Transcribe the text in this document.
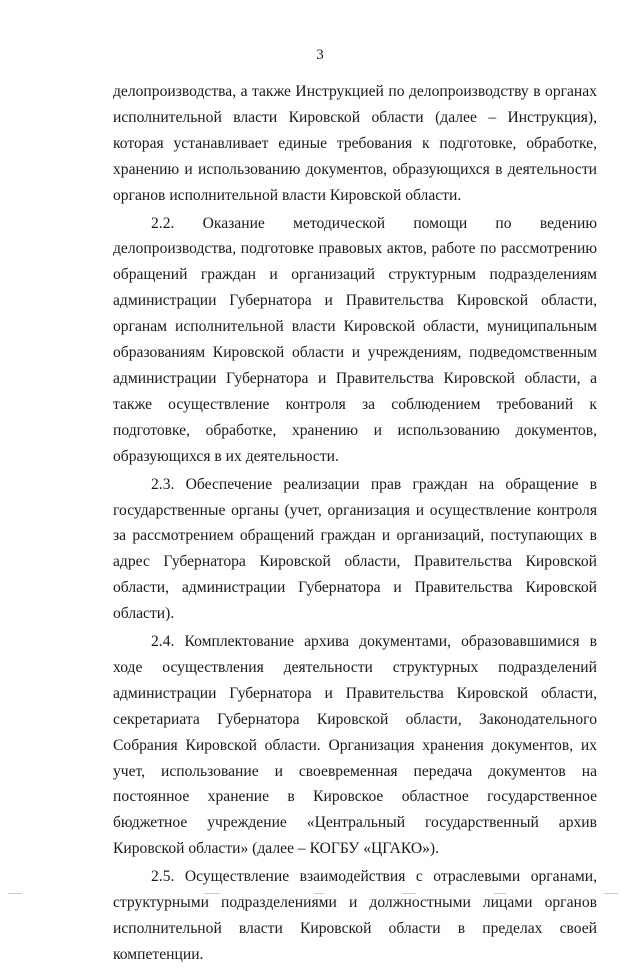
3

делопроизводства, а также Инструкцией по делопроизводству в органах исполнительной власти Кировской области (далее – Инструкция), которая устанавливает единые требования к подготовке, обработке, хранению и использованию документов, образующихся в деятельности органов исполнительной власти Кировской области.

2.2. Оказание методической помощи по ведению делопроизводства, подготовке правовых актов, работе по рассмотрению обращений граждан и организаций структурным подразделениям администрации Губернатора и Правительства Кировской области, органам исполнительной власти Кировской области, муниципальным образованиям Кировской области и учреждениям, подведомственным администрации Губернатора и Правительства Кировской области, а также осуществление контроля за соблюдением требований к подготовке, обработке, хранению и использованию документов, образующихся в их деятельности.

2.3. Обеспечение реализации прав граждан на обращение в государственные органы (учет, организация и осуществление контроля за рассмотрением обращений граждан и организаций, поступающих в адрес Губернатора Кировской области, Правительства Кировской области, администрации Губернатора и Правительства Кировской области).

2.4. Комплектование архива документами, образовавшимися в ходе осуществления деятельности структурных подразделений администрации Губернатора и Правительства Кировской области, секретариата Губернатора Кировской области, Законодательного Собрания Кировской области. Организация хранения документов, их учет, использование и своевременная передача документов на постоянное хранение в Кировское областное государственное бюджетное учреждение «Центральный государственный архив Кировской области» (далее – КОГБУ «ЦГАКО»).

2.5. Осуществление взаимодействия с отраслевыми органами, структурными подразделениями и должностными лицами органов исполнительной власти Кировской области в пределах своей компетенции.
